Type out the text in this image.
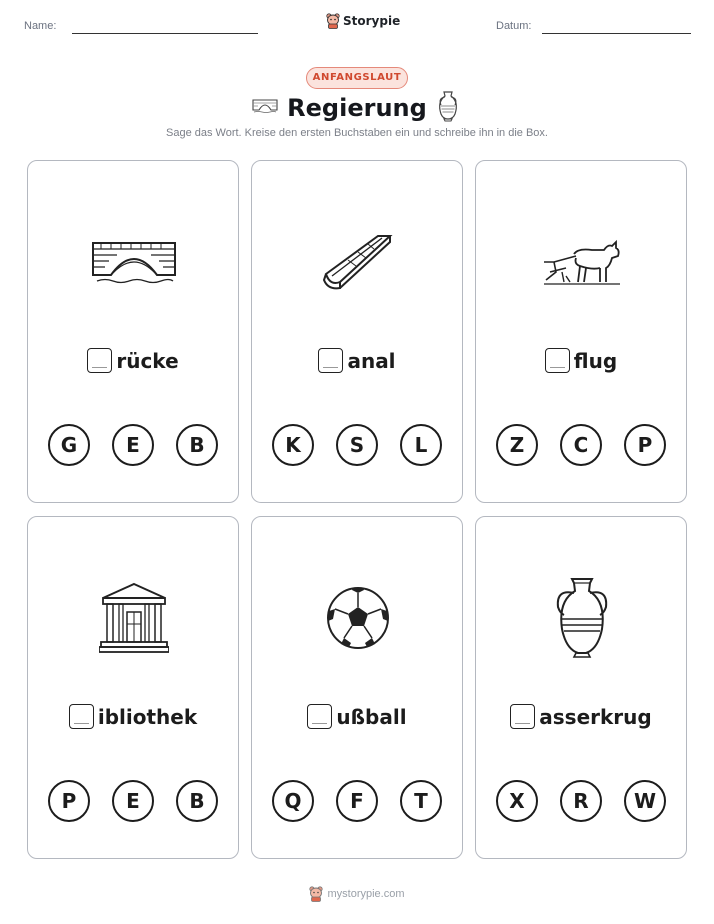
Name:	Storypie	Datum:
ANFANGSLAUT
Regierung
Sage das Wort. Kreise den ersten Buchstaben ein und schreibe ihn in die Box.
rücke
G	E	B
anal
K	S	L
flug
Z	C	P
ibliothek
P	E	B
ußball
Q	F	T
asserkrug
X	R	W
mystorypie.com
